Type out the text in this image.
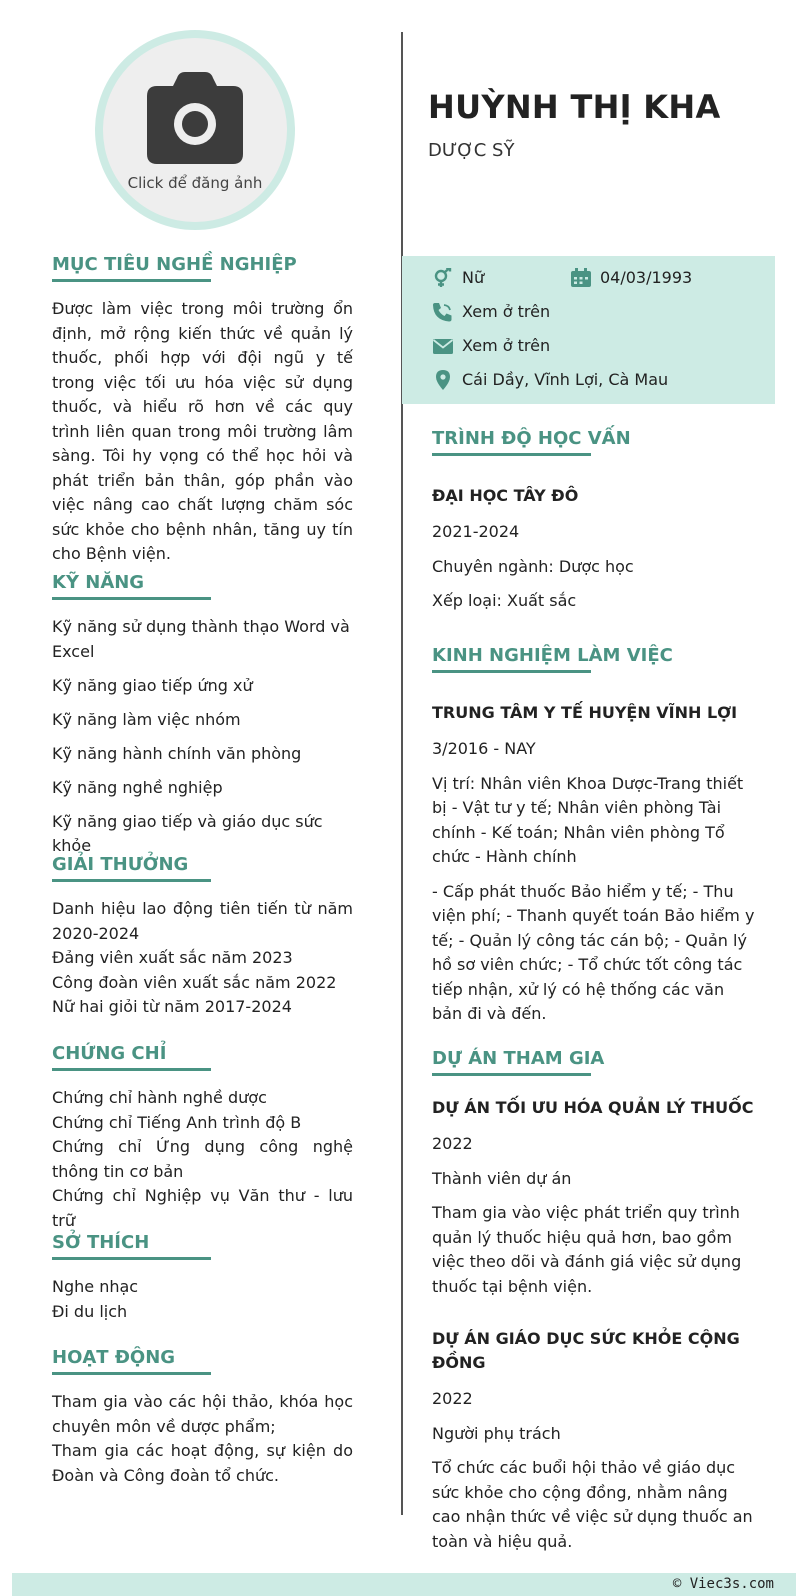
Click để đăng ảnh
MỤC TIÊU NGHỀ NGHIỆP
Được làm việc trong môi trường ổn định, mở rộng kiến thức về quản lý thuốc, phối hợp với đội ngũ y tế trong việc tối ưu hóa việc sử dụng thuốc, và hiểu rõ hơn về các quy trình liên quan trong môi trường lâm sàng. Tôi hy vọng có thể học hỏi và phát triển bản thân, góp phần vào việc nâng cao chất lượng chăm sóc sức khỏe cho bệnh nhân, tăng uy tín cho Bệnh viện.
KỸ NĂNG
Kỹ năng sử dụng thành thạo Word và Excel
Kỹ năng giao tiếp ứng xử
Kỹ năng làm việc nhóm
Kỹ năng hành chính văn phòng
Kỹ năng nghề nghiệp
Kỹ năng giao tiếp và giáo dục sức khỏe
GIẢI THƯỞNG
Danh hiệu lao động tiên tiến từ năm 2020-2024
Đảng viên xuất sắc năm 2023
Công đoàn viên xuất sắc năm 2022
Nữ hai giỏi từ năm 2017-2024
CHỨNG CHỈ
Chứng chỉ hành nghề dược
Chứng chỉ Tiếng Anh trình độ B
Chứng chỉ Ứng dụng công nghệ thông tin cơ bản
Chứng chỉ Nghiệp vụ Văn thư - lưu trữ
SỞ THÍCH
Nghe nhạc
Đi du lịch
HOẠT ĐỘNG
Tham gia vào các hội thảo, khóa học chuyên môn về dược phẩm;
Tham gia các hoạt động, sự kiện do Đoàn và Công đoàn tổ chức.
HUỲNH THỊ KHA
DƯỢC SỸ
Nữ	04/03/1993
Xem ở trên
Xem ở trên
Cái Dầy, Vĩnh Lợi, Cà Mau
TRÌNH ĐỘ HỌC VẤN
ĐẠI HỌC TÂY ĐÔ
2021-2024
Chuyên ngành: Dược học
Xếp loại: Xuất sắc
KINH NGHIỆM LÀM VIỆC
TRUNG TÂM Y TẾ HUYỆN VĨNH LỢI
3/2016 - NAY
Vị trí: Nhân viên Khoa Dược-Trang thiết bị - Vật tư y tế; Nhân viên phòng Tài chính - Kế toán; Nhân viên phòng Tổ chức - Hành chính
- Cấp phát thuốc Bảo hiểm y tế; - Thu viện phí; - Thanh quyết toán Bảo hiểm y tế; - Quản lý công tác cán bộ; - Quản lý hồ sơ viên chức; - Tổ chức tốt công tác tiếp nhận, xử lý có hệ thống các văn bản đi và đến.
DỰ ÁN THAM GIA
DỰ ÁN TỐI ƯU HÓA QUẢN LÝ THUỐC
2022
Thành viên dự án
Tham gia vào việc phát triển quy trình quản lý thuốc hiệu quả hơn, bao gồm việc theo dõi và đánh giá việc sử dụng thuốc tại bệnh viện.
DỰ ÁN GIÁO DỤC SỨC KHỎE CỘNG ĐỒNG
2022
Người phụ trách
Tổ chức các buổi hội thảo về giáo dục sức khỏe cho cộng đồng, nhằm nâng cao nhận thức về việc sử dụng thuốc an toàn và hiệu quả.
© Viec3s.com
